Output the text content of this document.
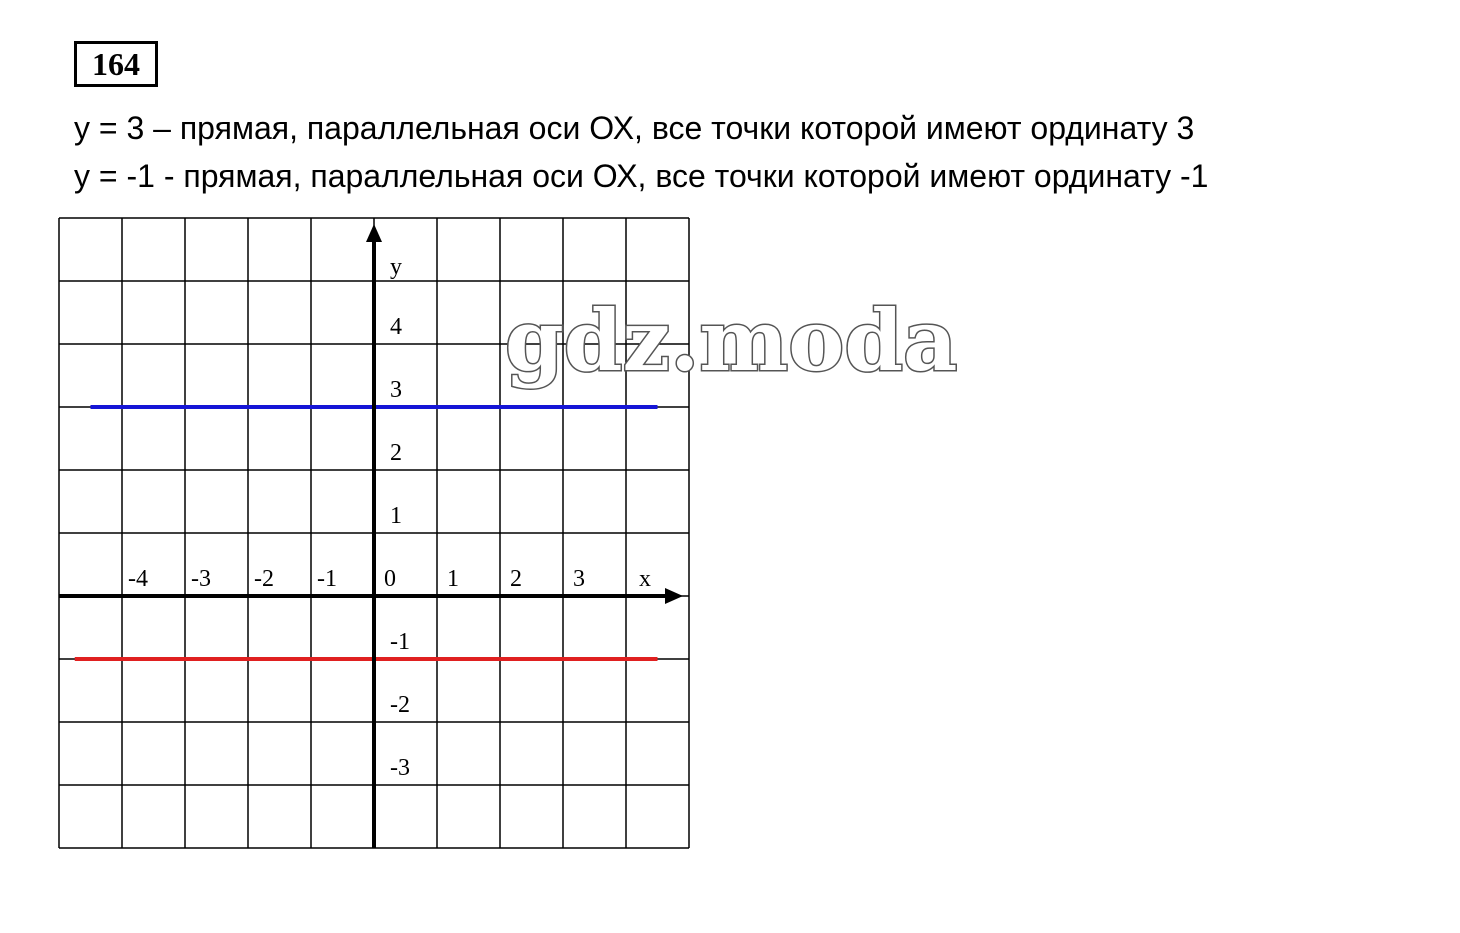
164
y = 3 – прямая, параллельная оси ОХ, все точки которой имеют ординату 3
y = -1 - прямая, параллельная оси ОХ, все точки которой имеют ординату -1
-4 -3 -2 -1 0 1 2 3
4
3
2
1
-1
-2
-3
x
y
gdz.moda
